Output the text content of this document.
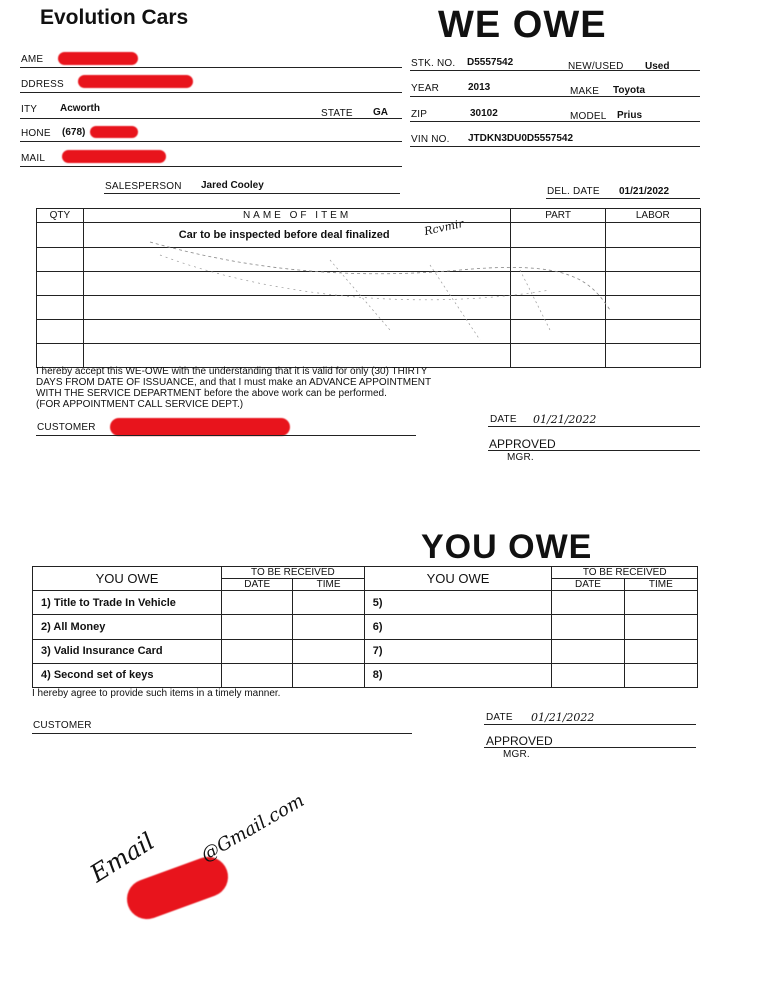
Evolution Cars	WE OWE
AME
DDRESS
ITY Acworth	STATE GA
HONE (678)
MAIL
STK. NO. D5557542	NEW/USED Used
YEAR	2013	MAKE Toyota
ZIP	30102	MODEL Prius
VIN NO. JTDKN3DU0D5557542
SALESPERSON Jared Cooley
DEL. DATE 01/21/2022
QTY	NAME OF ITEM	PART	LABOR
	Car to be inspected before deal finalized		

				Rcvmir
I hereby accept this WE-OWE with the understanding that it is valid for only (30) THIRTY
DAYS FROM DATE OF ISSUANCE, and that I must make an ADVANCE APPOINTMENT
WITH THE SERVICE DEPARTMENT before the above work can be performed.
(FOR APPOINTMENT CALL SERVICE DEPT.)
CUSTOMER
DATE 01/21/2022
APPROVED
MGR.
YOU OWE
YOU OWE	TO BE RECEIVED		YOU OWE	TO BE RECEIVED	
	DATE	TIME		DATE	TIME
1) Title to Trade In Vehicle			5)		
2) All Money			6)		
3) Valid Insurance Card			7)		
4) Second set of keys			8)		
I hereby agree to provide such items in a timely manner.
CUSTOMER
DATE 01/21/2022
APPROVED
MGR.
Email @Gmail.com
